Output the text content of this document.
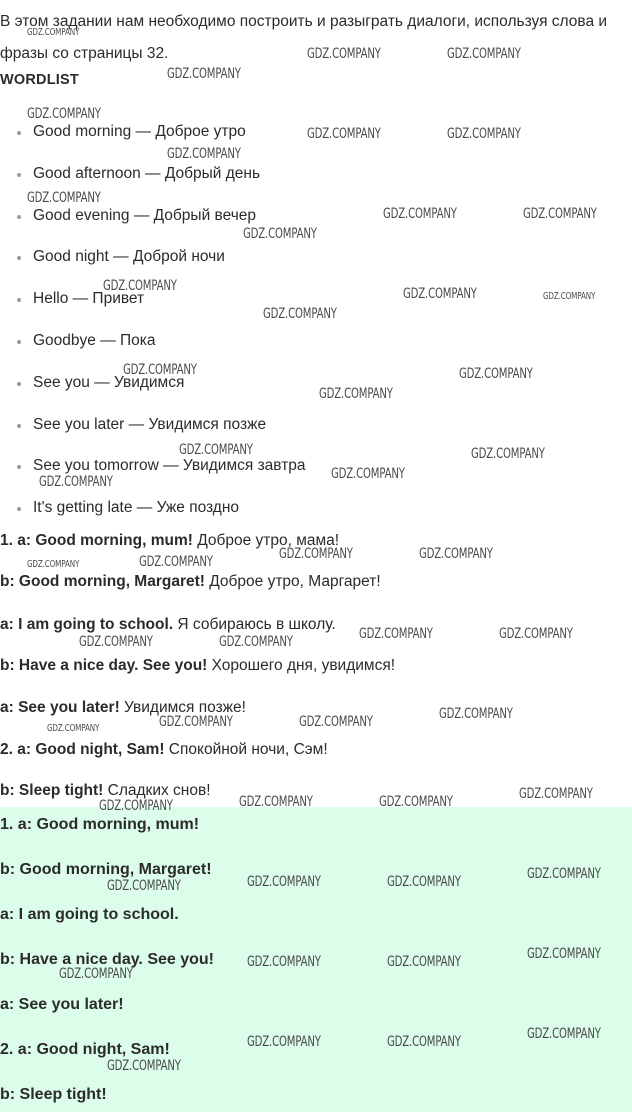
В этом задании нам необходимо построить и разыграть диалоги, используя слова и фразы со страницы 32.
WORDLIST
Good morning — Доброе утро
Good afternoon — Добрый день
Good evening — Добрый вечер
Good night — Доброй ночи
Hello — Привет
Goodbye — Пока
See you — Увидимся
See you later — Увидимся позже
See you tomorrow — Увидимся завтра
It's getting late — Уже поздно
1. a: Good morning, mum! Доброе утро, мама!
b: Good morning, Margaret! Доброе утро, Маргарет!
a: I am going to school. Я собираюсь в школу.
b: Have a nice day. See you! Хорошего дня, увидимся!
a: See you later! Увидимся позже!
2. a: Good night, Sam! Спокойной ночи, Сэм!
b: Sleep tight! Сладких снов!
1. a: Good morning, mum!
b: Good morning, Margaret!
a: I am going to school.
b: Have a nice day. See you!
a: See you later!
2. a: Good night, Sam!
b: Sleep tight!
GDZ.COMPANY
GDZ.COMPANY	GDZ.COMPANY
GDZ.COMPANY
GDZ.COMPANY
GDZ.COMPANY	GDZ.COMPANY
GDZ.COMPANY
GDZ.COMPANY
GDZ.COMPANY	GDZ.COMPANY
GDZ.COMPANY
GDZ.COMPANY	GDZ.COMPANY	GDZ.COMPANY
GDZ.COMPANY
GDZ.COMPANY	GDZ.COMPANY
GDZ.COMPANY
GDZ.COMPANY	GDZ.COMPANY
GDZ.COMPANY
GDZ.COMPANY
GDZ.COMPANY	GDZ.COMPANY
GDZ.COMPANY	GDZ.COMPANY
GDZ.COMPANY	GDZ.COMPANY
GDZ.COMPANY	GDZ.COMPANY
GDZ.COMPANY
GDZ.COMPANY	GDZ.COMPANY
GDZ.COMPANY
GDZ.COMPANY
GDZ.COMPANY	GDZ.COMPANY	GDZ.COMPANY
GDZ.COMPANY
GDZ.COMPANY	GDZ.COMPANY	GDZ.COMPANY
GDZ.COMPANY
GDZ.COMPANY
GDZ.COMPANY	GDZ.COMPANY
GDZ.COMPANY
GDZ.COMPANY	GDZ.COMPANY
GDZ.COMPANY
